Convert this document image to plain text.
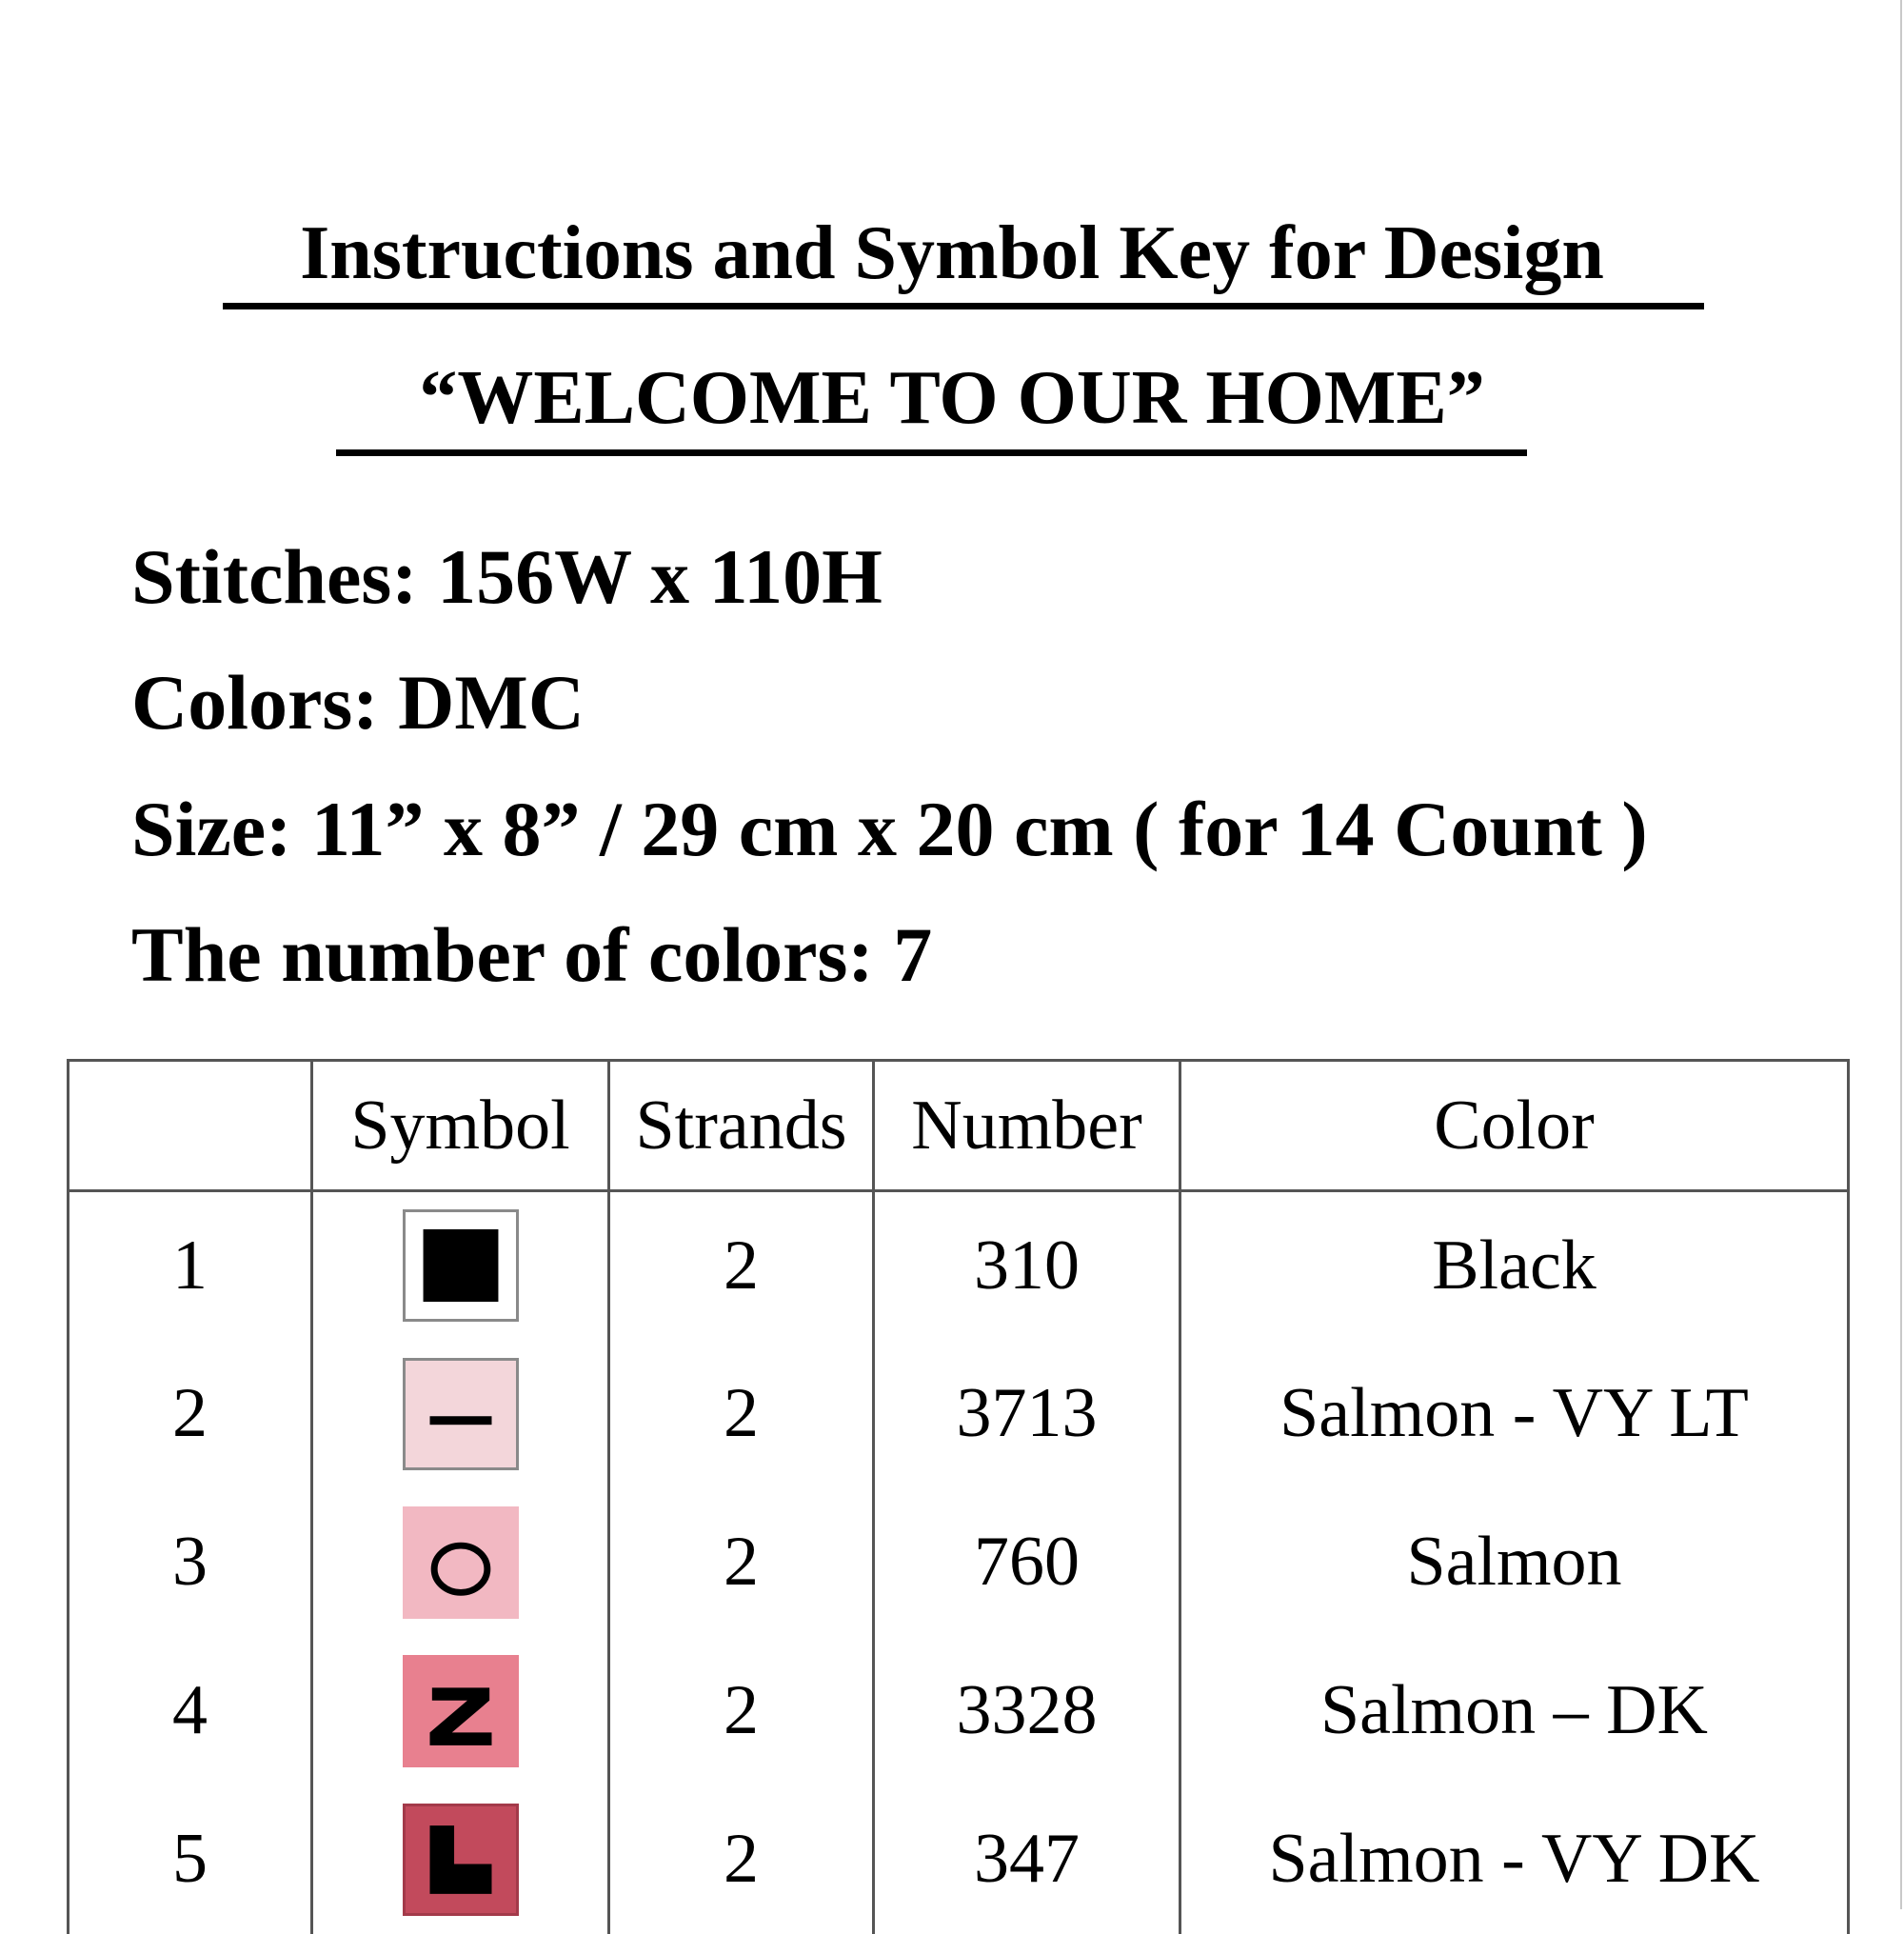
Instructions and Symbol Key for Design
“WELCOME TO OUR HOME”
Stitches: 156W x 110H
Colors: DMC
Size: 11” x 8” / 29 cm x 20 cm ( for 14 Count )
The number of colors: 7
	Symbol	Strands	Number	Color
1		2	310	Black
2		2	3713	Salmon - VY LT
3		2	760	Salmon
4		2	3328	Salmon – DK
5		2	347	Salmon - VY DK
